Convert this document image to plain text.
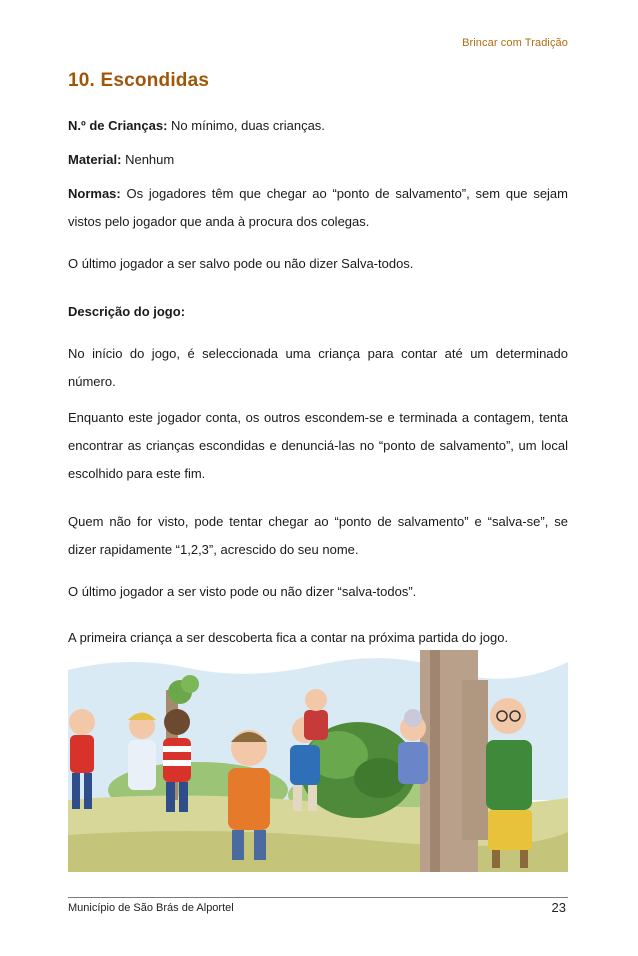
Brincar com Tradição
10. Escondidas

N.º de Crianças: No mínimo, duas crianças.

Material: Nenhum

Normas: Os jogadores têm que chegar ao “ponto de salvamento”, sem que sejam vistos pelo jogador que anda à procura dos colegas.

O último jogador a ser salvo pode ou não dizer Salva-todos.

Descrição do jogo:

No início do jogo, é seleccionada uma criança para contar até um determinado número.

Enquanto este jogador conta, os outros escondem-se e terminada a contagem, tenta encontrar as crianças escondidas e denunciá-las no “ponto de salvamento”, um local escolhido para este fim.

Quem não for visto, pode tentar chegar ao “ponto de salvamento” e “salva-se”, se dizer rapidamente “1,2,3”, acrescido do seu nome.

O último jogador a ser visto pode ou não dizer “salva-todos”.

A primeira criança a ser descoberta fica a contar na próxima partida do jogo.

Município de São Brás de Alportel	23
